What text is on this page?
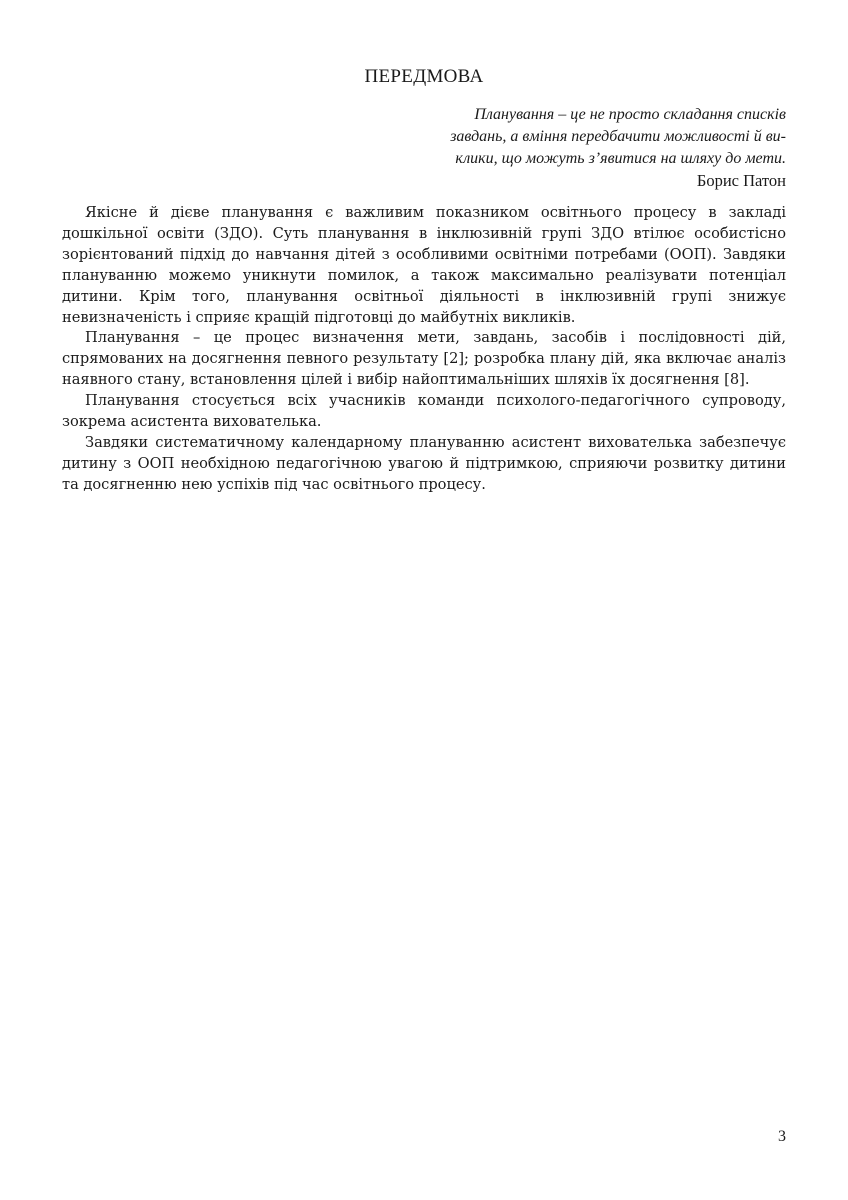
ПЕРЕДМОВА

Планування – це не просто складання списків
завдань, а вміння передбачити можливості й ви-
клики, що можуть з’явитися на шляху до мети.

Борис Патон

Якісне й дієве планування є важливим показником освітнього процесу в закладі дошкільної освіти (ЗДО). Суть планування в інклюзивній групі ЗДО втілює особистісно зорієнтований підхід до навчання дітей з особливими освітніми потребами (ООП). Завдяки плануванню можемо уникнути помилок, а також максимально реалізувати потенціал дитини. Крім того, планування освітньої діяльності в інклюзивній групі знижує невизначеність і сприяє кращій підготовці до майбутніх викликів.

Планування – це процес визначення мети, завдань, засобів і послідовності дій, спрямованих на досягнення певного результату [2]; розробка плану дій, яка включає аналіз наявного стану, встановлення цілей і вибір найоптимальніших шляхів їх досягнення [8].

Планування стосується всіх учасників команди психолого-педагогічного супроводу, зокрема асистента вихователька.

Завдяки систематичному календарному плануванню асистент вихователька забезпечує дитину з ООП необхідною педагогічною увагою й підтримкою, сприяючи розвитку дитини та досягненню нею успіхів під час освітнього процесу.

3
